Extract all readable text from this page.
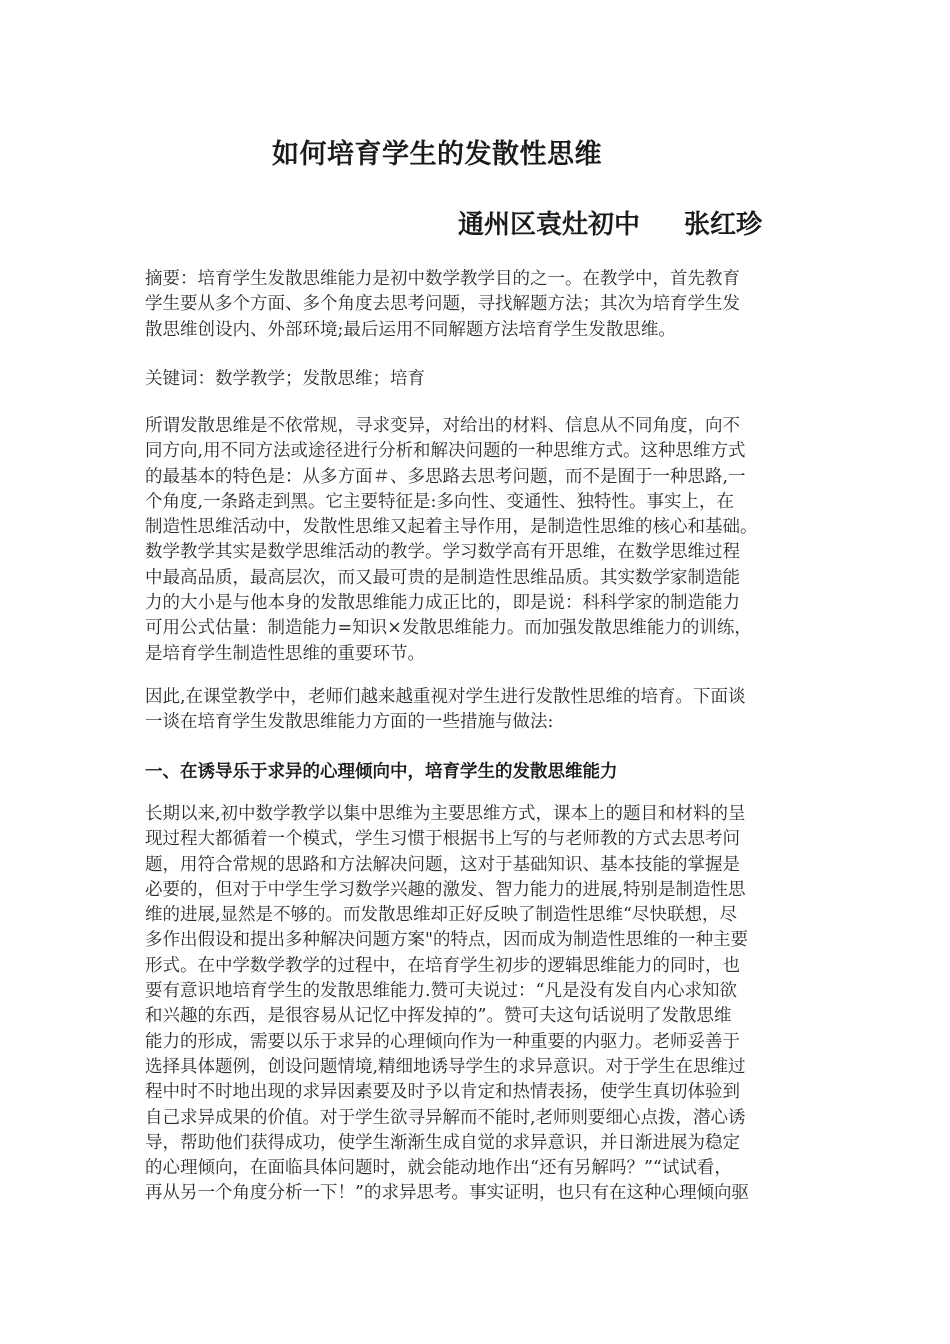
如何培育学生的发散性思维
通州区袁灶初中 张红珍
摘要：培育学生发散思维能力是初中数学教学目的之一。在教学中，首先教育
学生要从多个方面、多个角度去思考问题，寻找解题方法；其次为培育学生发
散思维创设内、外部环境;最后运用不同解题方法培育学生发散思维。
关键词：数学教学；发散思维；培育
所谓发散思维是不依常规，寻求变异，对给出的材料、信息从不同角度，向不
同方向,用不同方法或途径进行分析和解决问题的一种思维方式。这种思维方式
的最基本的特色是：从多方面＃、多思路去思考问题，而不是囿于一种思路,一
个角度,一条路走到黑。它主要特征是:多向性、变通性、独特性。事实上，在
制造性思维活动中，发散性思维又起着主导作用，是制造性思维的核心和基础。
数学教学其实是数学思维活动的教学。学习数学高有开思维，在数学思维过程
中最高品质，最高层次，而又最可贵的是制造性思维品质。其实数学家制造能
力的大小是与他本身的发散思维能力成正比的，即是说：科科学家的制造能力
可用公式估量：制造能力=知识×发散思维能力。而加强发散思维能力的训练，
是培育学生制造性思维的重要环节。
因此,在课堂教学中，老师们越来越重视对学生进行发散性思维的培育。下面谈
一谈在培育学生发散思维能力方面的一些措施与做法:
一、在诱导乐于求异的心理倾向中，培育学生的发散思维能力
长期以来,初中数学教学以集中思维为主要思维方式，课本上的题目和材料的呈
现过程大都循着一个模式，学生习惯于根据书上写的与老师教的方式去思考问
题，用符合常规的思路和方法解决问题，这对于基础知识、基本技能的掌握是
必要的，但对于中学生学习数学兴趣的激发、智力能力的进展,特别是制造性思
维的进展,显然是不够的。而发散思维却正好反映了制造性思维“尽快联想，尽
多作出假设和提出多种解决问题方案"的特点，因而成为制造性思维的一种主要
形式。在中学数学教学的过程中，在培育学生初步的逻辑思维能力的同时，也
要有意识地培育学生的发散思维能力.赞可夫说过：“凡是没有发自内心求知欲
和兴趣的东西，是很容易从记忆中挥发掉的”。赞可夫这句话说明了发散思维
能力的形成，需要以乐于求异的心理倾向作为一种重要的内驱力。老师妥善于
选择具体题例，创设问题情境,精细地诱导学生的求异意识。对于学生在思维过
程中时不时地出现的求异因素要及时予以肯定和热情表扬，使学生真切体验到
自己求异成果的价值。对于学生欲寻异解而不能时,老师则要细心点拨，潜心诱
导，帮助他们获得成功，使学生渐渐生成自觉的求异意识，并日渐进展为稳定
的心理倾向，在面临具体问题时，就会能动地作出“还有另解吗？”“试试看，
再从另一个角度分析一下！”的求异思考。事实证明，也只有在这种心理倾向驱
